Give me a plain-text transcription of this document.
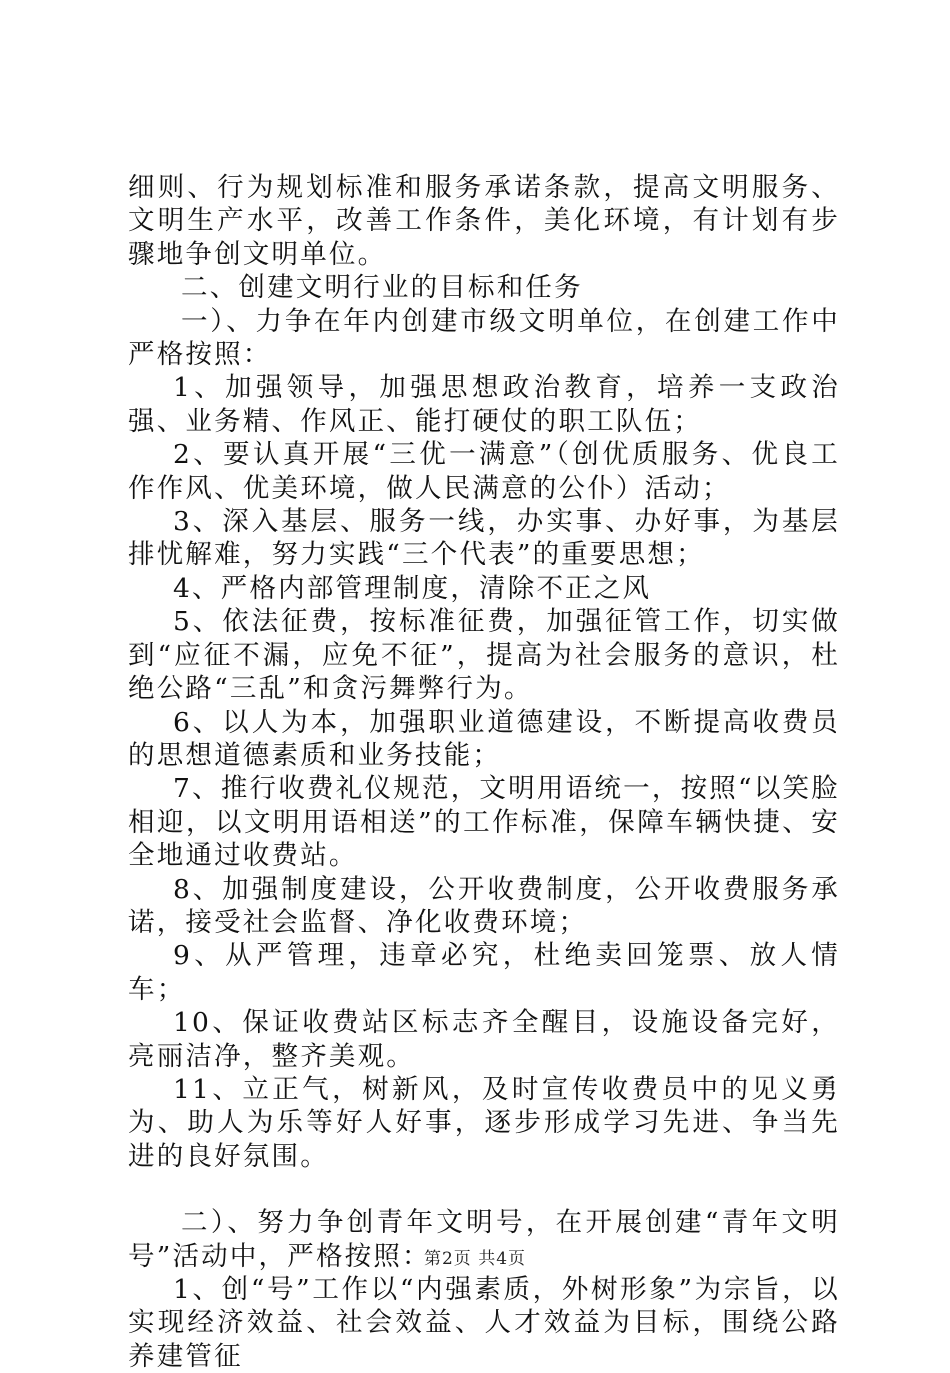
细则、行为规划标准和服务承诺条款，提高文明服务、文明生产水平，改善工作条件，美化环境，有计划有步骤地争创文明单位。

二、创建文明行业的目标和任务

一）、力争在年内创建市级文明单位，在创建工作中严格按照：

1、加强领导，加强思想政治教育，培养一支政治强、业务精、作风正、能打硬仗的职工队伍；

2、要认真开展“三优一满意”（创优质服务、优良工作作风、优美环境，做人民满意的公仆）活动；

3、深入基层、服务一线，办实事、办好事，为基层排忧解难，努力实践“三个代表”的重要思想；

4、严格内部管理制度，清除不正之风

5、依法征费，按标准征费，加强征管工作，切实做到“应征不漏，应免不征”，提高为社会服务的意识，杜绝公路“三乱”和贪污舞弊行为。

6、以人为本，加强职业道德建设，不断提高收费员的思想道德素质和业务技能；

7、推行收费礼仪规范，文明用语统一，按照“以笑脸相迎，以文明用语相送”的工作标准，保障车辆快捷、安全地通过收费站。

8、加强制度建设，公开收费制度，公开收费服务承诺，接受社会监督、净化收费环境；

9、从严管理，违章必究，杜绝卖回笼票、放人情车；

10、保证收费站区标志齐全醒目，设施设备完好，亮丽洁净，整齐美观。

11、立正气，树新风，及时宣传收费员中的见义勇为、助人为乐等好人好事，逐步形成学习先进、争当先进的良好氛围。

二）、努力争创青年文明号，在开展创建“青年文明号”活动中，严格按照：

1、创“号”工作以“内强素质，外树形象”为宗旨，以实现经济效益、社会效益、人才效益为目标，围绕公路养建管征

第2页 共4页
